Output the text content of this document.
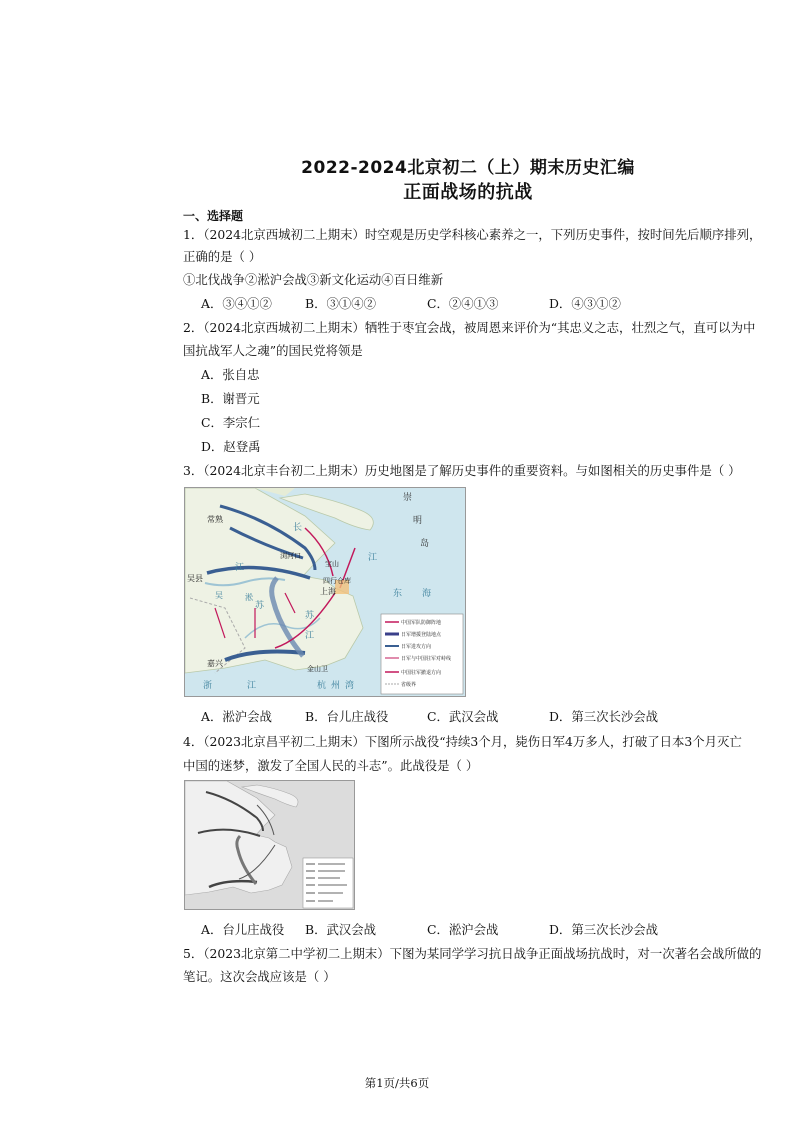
2022-2024北京初二（上）期末历史汇编
正面战场的抗战
一、选择题
1．（2024北京西城初二上期末）时空观是历史学科核心素养之一，下列历史事件，按时间先后顺序排列，
正确的是（ ）
①北伐战争②淞沪会战③新文化运动④百日维新
A．③④①②	B．③①④②	C．②④①③	D．④③①②
2．（2024北京西城初二上期末）牺牲于枣宜会战，被周恩来评价为“其忠义之志，壮烈之气，直可以为中
国抗战军人之魂”的国民党将领是
A．张自忠
B．谢晋元
C．李宗仁
D．赵登禹
3．（2024北京丰台初二上期末）历史地图是了解历史事件的重要资料。与如图相关的历史事件是（ ）
崇
明
岛
常熟
浏河口
宝山
四行仓库
上海
吴县
嘉兴
金山卫
东 海
长
江
浙	江	杭 州 湾
江
苏
苏
江
吴	淞
中国军队防御阵地
日军增援登陆地点
日军进攻方向
日军与中国驻军对峙线
中国驻军撤退方向
省级界
A．淞沪会战	B．台儿庄战役	C．武汉会战	D．第三次长沙会战
4．（2023北京昌平初二上期末）下图所示战役“持续3个月，毙伤日军4万多人，打破了日本3个月灭亡
中国的迷梦，激发了全国人民的斗志”。此战役是（ ）
A．台儿庄战役 B．武汉会战	C．淞沪会战	D．第三次长沙会战
5．（2023北京第二中学初二上期末）下图为某同学学习抗日战争正面战场抗战时，对一次著名会战所做的
笔记。这次会战应该是（ ）
第1页/共6页
